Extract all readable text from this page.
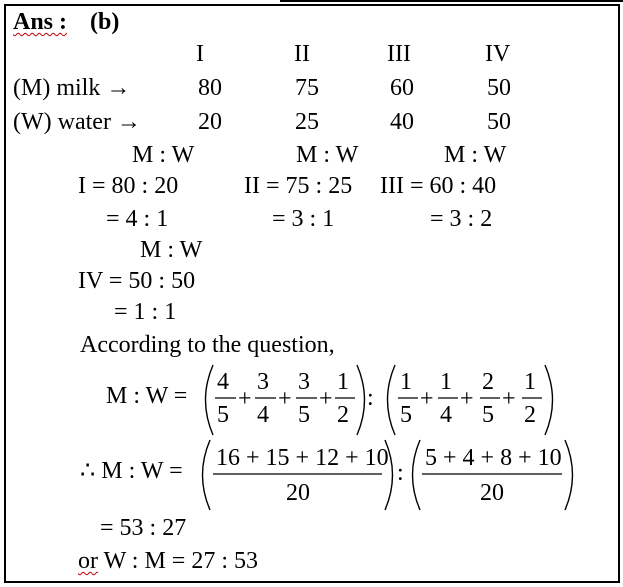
Ans : (b)
I	II	III	IV
(M) milk →	80	75	60	50
(W) water → 20	25	40	50
M : W	M : W	M : W
I = 80 : 20	II = 75 : 25 III = 60 : 40
= 4 : 1	= 3 : 1	= 3 : 2
M : W
IV = 50 : 50
= 1 : 1
According to the question,
M : W =
4
5
+
3
4
+
3
5
+
1
2
:
1
5
+
1
4
+
2
5
+
1
2
∴ M : W = 16 + 15 + 12 + 10
20
:
5 + 4 + 8 + 10
20
= 53 : 27
or W : M = 27 : 53
